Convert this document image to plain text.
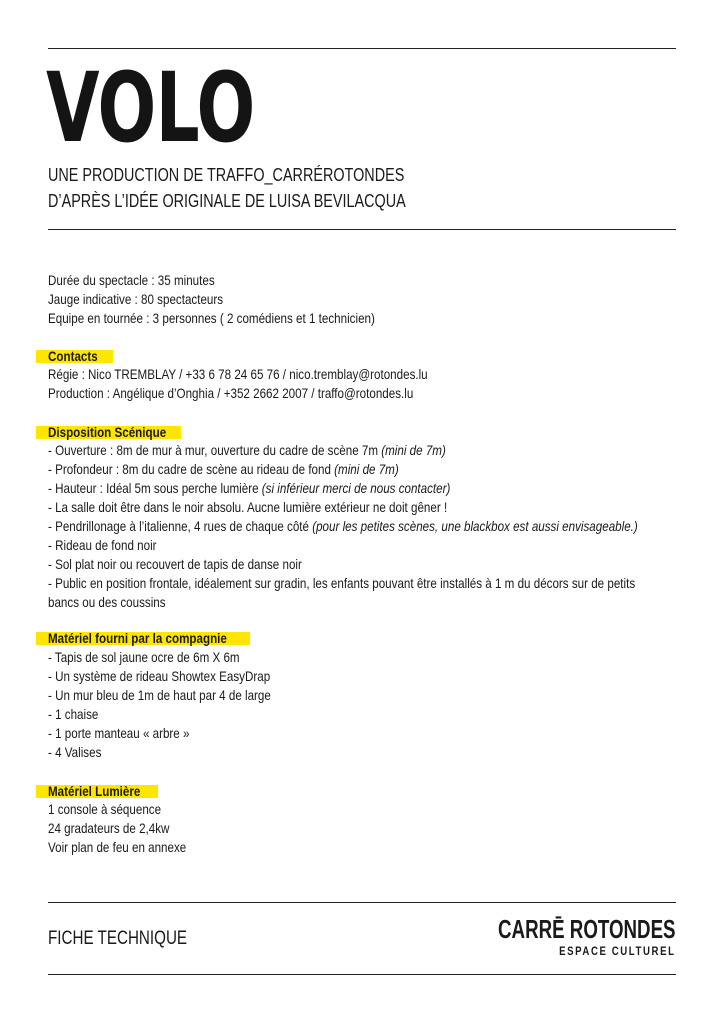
VOLO
UNE PRODUCTION DE TRAFFO_CARRÉROTONDES
D’APRÈS L’IDÉE ORIGINALE DE LUISA BEVILACQUA
Durée du spectacle : 35 minutes
Jauge indicative : 80 spectacteurs
Equipe en tournée : 3 personnes ( 2 comédiens et 1 technicien)
Contacts
Régie : Nico TREMBLAY / +33 6 78 24 65 76 / nico.tremblay@rotondes.lu
Production : Angélique d’Onghia / +352 2662 2007 / traffo@rotondes.lu
Disposition Scénique
- Ouverture : 8m de mur à mur, ouverture du cadre de scène 7m (mini de 7m)
- Profondeur : 8m du cadre de scène au rideau de fond (mini de 7m)
- Hauteur : Idéal 5m sous perche lumière (si inférieur merci de nous contacter)
- La salle doit être dans le noir absolu. Aucne lumière extérieur ne doit gêner !
- Pendrillonage à l’italienne, 4 rues de chaque côté (pour les petites scènes, une blackbox est aussi envisageable.)
- Rideau de fond noir
- Sol plat noir ou recouvert de tapis de danse noir
- Public en position frontale, idéalement sur gradin, les enfants pouvant être installés à 1 m du décors sur de petits
bancs ou des coussins
Matériel fourni par la compagnie
- Tapis de sol jaune ocre de 6m X 6m
- Un système de rideau Showtex EasyDrap
- Un mur bleu de 1m de haut par 4 de large
- 1 chaise
- 1 porte manteau « arbre »
- 4 Valises
Matériel Lumière
1 console à séquence
24 gradateurs de 2,4kw
Voir plan de feu en annexe
FICHE TECHNIQUE	CARRĒ ROTONDES
ESPACE CULTUREL
